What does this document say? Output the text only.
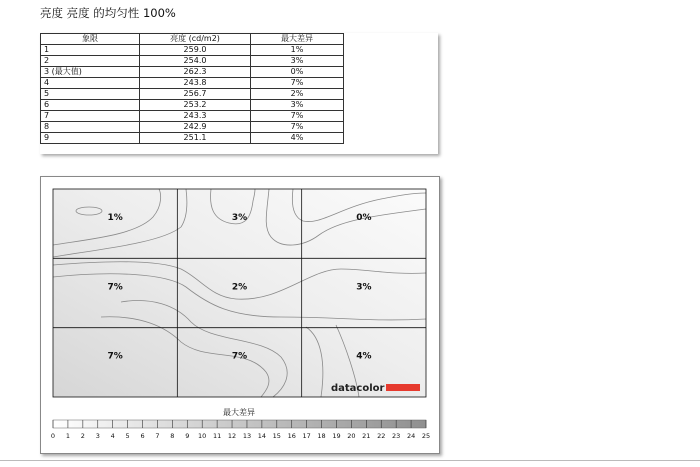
亮度 亮度 的均匀性 100%
象限	亮度 (cd/m2)	最大差异
1	259.0	1%
2	254.0	3%
3 (最大值)	262.3	0%
4	243.8	7%
5	256.7	2%
6	253.2	3%
7	243.3	7%
8	242.9	7%
9	251.1	4%
1%	3%	0%
7%	2%	3%
7%	7%	4%
datacolor
最大差异
0 1 2 3 4 5 6 7 8 9 10 11 12 13 14 15 16 17 18 19 20 21 22 23 24 25
